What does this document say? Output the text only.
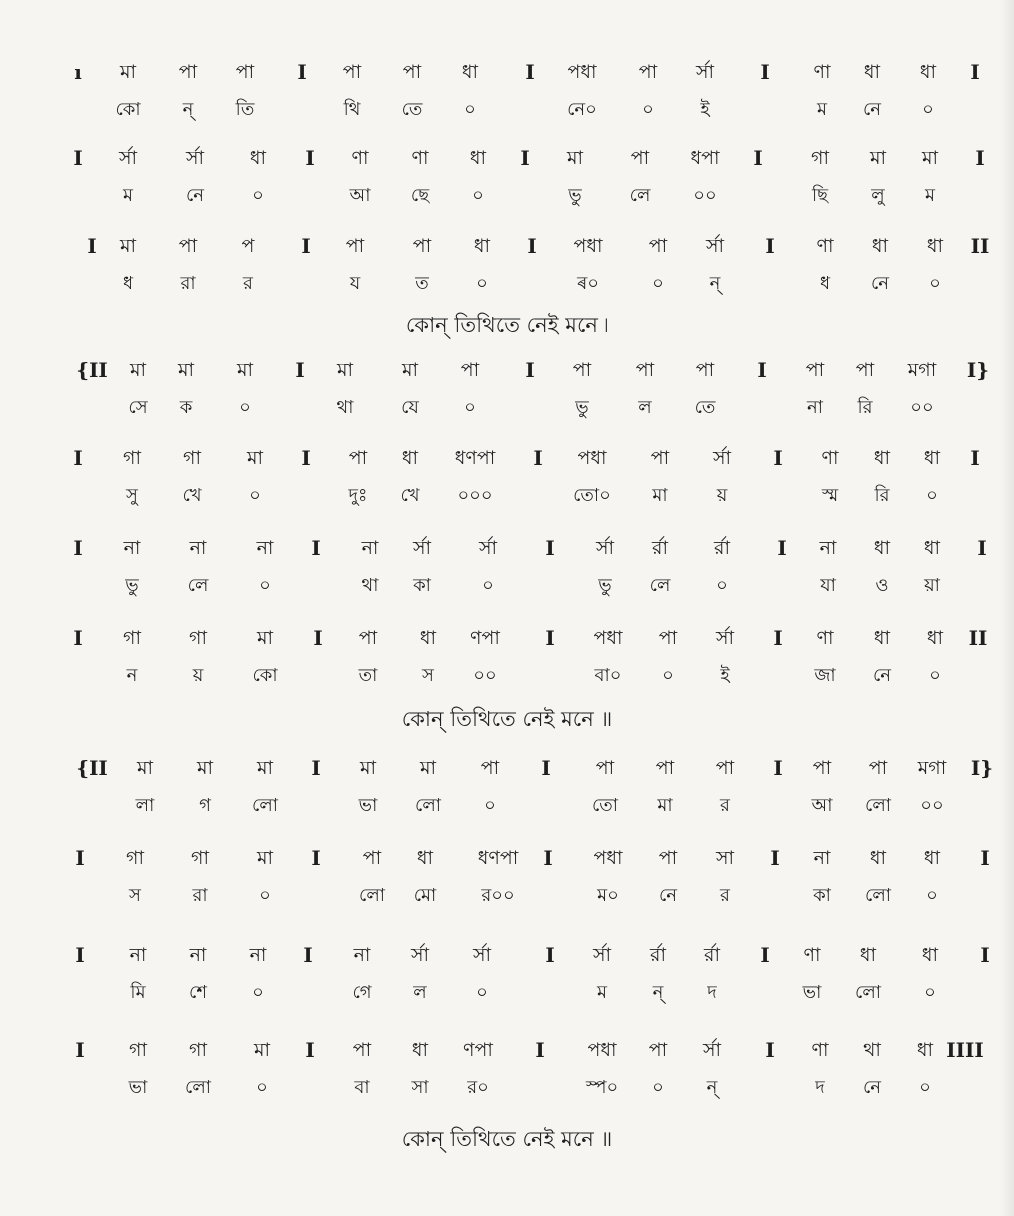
ı	মা	পা	পা	I	পা	পা	ধা	I	পধা	পা	র্সা	I	ণা	ধা	ধা	I
কো	ন্	তি	থি	তে	০	নে০	০	ই	ম	নে	০
I	র্সা	র্সা	ধা	I	ণা	ণা	ধা	I	মা	পা	ধপা	I	গা	মা	মা	I
ম	নে	০	আ	ছে	০	ভু	লে	০০	ছি	লু	ম
I	মা	পা	প	I	পা	পা	ধা	I	পধা	পা	র্সা	I	ণা	ধা	ধা	II
ধ	রা	র	য	ত	০	ৰ০	০	ন্	ধ	নে	০
কো‌ন্ তিথিতে নেই মনে ৷
{II	মা	মা	মা	I	মা	মা	পা	I	পা	পা	পা	I	পা	পা	মগা	I}
সে	ক	০	থা	যে	০	ভু	ল	তে	না	রি	০০
I	গা	গা	মা	I	পা	ধা	ধণপা	I	পধা	পা	র্সা	I	ণা	ধা	ধা	I
সু	খে	০	দুঃ	খে	০০০	তো০	মা	য়	স্ম	রি	০
I	না	না	না	I	না	র্সা	র্সা	I	র্সা	র্রা	র্রা	I	না	ধা	ধা	I
ভু	লে	০	থা	কা	০	ভু	লে	০	যা	ও	য়া
I	গা	গা	মা	I	পা	ধা	ণপা	I	পধা	পা	র্সা	I	ণা	ধা	ধা	II
ন	য়	কো	তা	স	০০	বা০	০	ই	জা	নে	০
কোন্ তিথিতে নেই মনে ॥
{II	মা	মা	মা	I	মা	মা	পা	I	পা	পা	পা	I	পা	পা	মগা	I}
লা	গ	লো	ভা	লো	০	তো	মা	র	আ	লো	০০
I	গা	গা	মা	I	পা	ধা	ধণপা	I	পধা	পা	সা	I	না	ধা	ধা	I
স	রা	০	লো	মো	র০০	ম০	নে	র	কা	লো	০
I	না	না	না	I	না	র্সা	র্সা	I	র্সা	র্রা	র্রা	I	ণা	ধা	ধা	I
মি	শে	০	গে	ল	০	ম	ন্	দ	ভা	লো	০
I	গা	গা	মা	I	পা	ধা	ণপা	I	পধা	পা	র্সা	I	ণা	থা	ধা IIII
ভা	লো	০	বা	সা	র০	স্প০	০	ন্	দ	নে	০
কোন্ তিথিতে নেই মনে ॥
